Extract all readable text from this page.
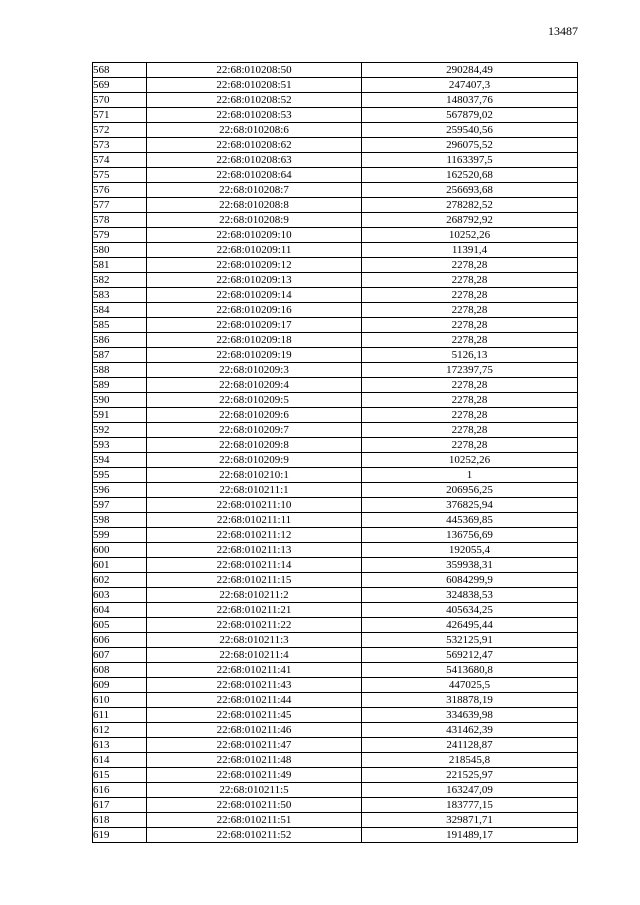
13487
568	22:68:010208:50	290284,49
569	22:68:010208:51	247407,3
570	22:68:010208:52	148037,76
571	22:68:010208:53	567879,02
572	22:68:010208:6	259540,56
573	22:68:010208:62	296075,52
574	22:68:010208:63	1163397,5
575	22:68:010208:64	162520,68
576	22:68:010208:7	256693,68
577	22:68:010208:8	278282,52
578	22:68:010208:9	268792,92
579	22:68:010209:10	10252,26
580	22:68:010209:11	11391,4
581	22:68:010209:12	2278,28
582	22:68:010209:13	2278,28
583	22:68:010209:14	2278,28
584	22:68:010209:16	2278,28
585	22:68:010209:17	2278,28
586	22:68:010209:18	2278,28
587	22:68:010209:19	5126,13
588	22:68:010209:3	172397,75
589	22:68:010209:4	2278,28
590	22:68:010209:5	2278,28
591	22:68:010209:6	2278,28
592	22:68:010209:7	2278,28
593	22:68:010209:8	2278,28
594	22:68:010209:9	10252,26
595	22:68:010210:1	1
596	22:68:010211:1	206956,25
597	22:68:010211:10	376825,94
598	22:68:010211:11	445369,85
599	22:68:010211:12	136756,69
600	22:68:010211:13	192055,4
601	22:68:010211:14	359938,31
602	22:68:010211:15	6084299,9
603	22:68:010211:2	324838,53
604	22:68:010211:21	405634,25
605	22:68:010211:22	426495,44
606	22:68:010211:3	532125,91
607	22:68:010211:4	569212,47
608	22:68:010211:41	5413680,8
609	22:68:010211:43	447025,5
610	22:68:010211:44	318878,19
611	22:68:010211:45	334639,98
612	22:68:010211:46	431462,39
613	22:68:010211:47	241128,87
614	22:68:010211:48	218545,8
615	22:68:010211:49	221525,97
616	22:68:010211:5	163247,09
617	22:68:010211:50	183777,15
618	22:68:010211:51	329871,71
619	22:68:010211:52	191489,17
